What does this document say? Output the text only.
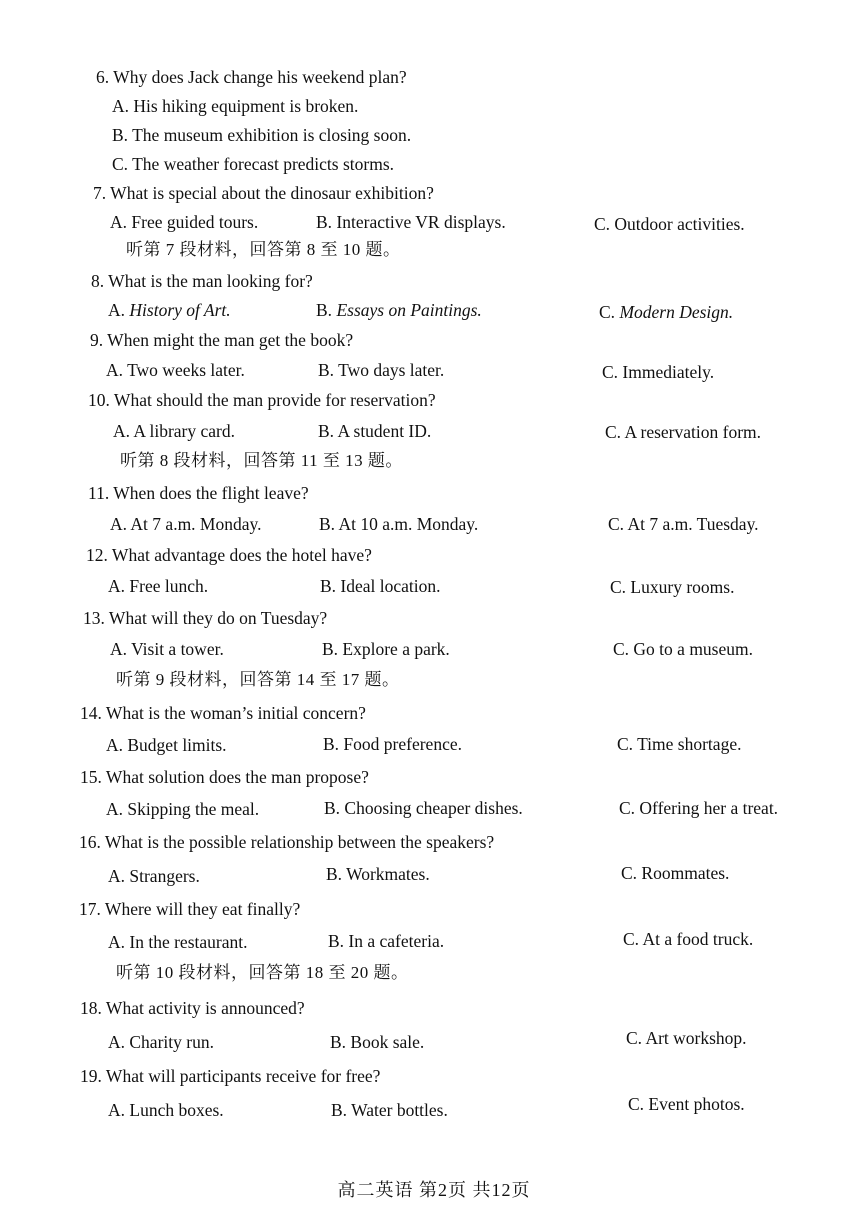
6. Why does Jack change his weekend plan?
A. His hiking equipment is broken.
B. The museum exhibition is closing soon.
C. The weather forecast predicts storms.
7. What is special about the dinosaur exhibition?
A. Free guided tours.	B. Interactive VR displays.	C. Outdoor activities.
听第 7 段材料，回答第 8 至 10 题。
8. What is the man looking for?
A. History of Art.	B. Essays on Paintings.	C. Modern Design.
9. When might the man get the book?
A. Two weeks later.	B. Two days later.	C. Immediately.
10. What should the man provide for reservation?
A. A library card.	B. A student ID.	C. A reservation form.
听第 8 段材料，回答第 11 至 13 题。
11. When does the flight leave?
A. At 7 a.m. Monday.	B. At 10 a.m. Monday.	C. At 7 a.m. Tuesday.
12. What advantage does the hotel have?
A. Free lunch.	B. Ideal location.	C. Luxury rooms.
13. What will they do on Tuesday?
A. Visit a tower.	B. Explore a park.	C. Go to a museum.
听第 9 段材料，回答第 14 至 17 题。
14. What is the woman’s initial concern?
A. Budget limits.	B. Food preference.	C. Time shortage.
15. What solution does the man propose?
A. Skipping the meal.	B. Choosing cheaper dishes.	C. Offering her a treat.
16. What is the possible relationship between the speakers?
A. Strangers.	B. Workmates.	C. Roommates.
17. Where will they eat finally?
A. In the restaurant.	B. In a cafeteria.	C. At a food truck.
听第 10 段材料，回答第 18 至 20 题。
18. What activity is announced?
A. Charity run.	B. Book sale.	C. Art workshop.
19. What will participants receive for free?
A. Lunch boxes.	B. Water bottles.	C. Event photos.
高二英语 第2页 共12页
